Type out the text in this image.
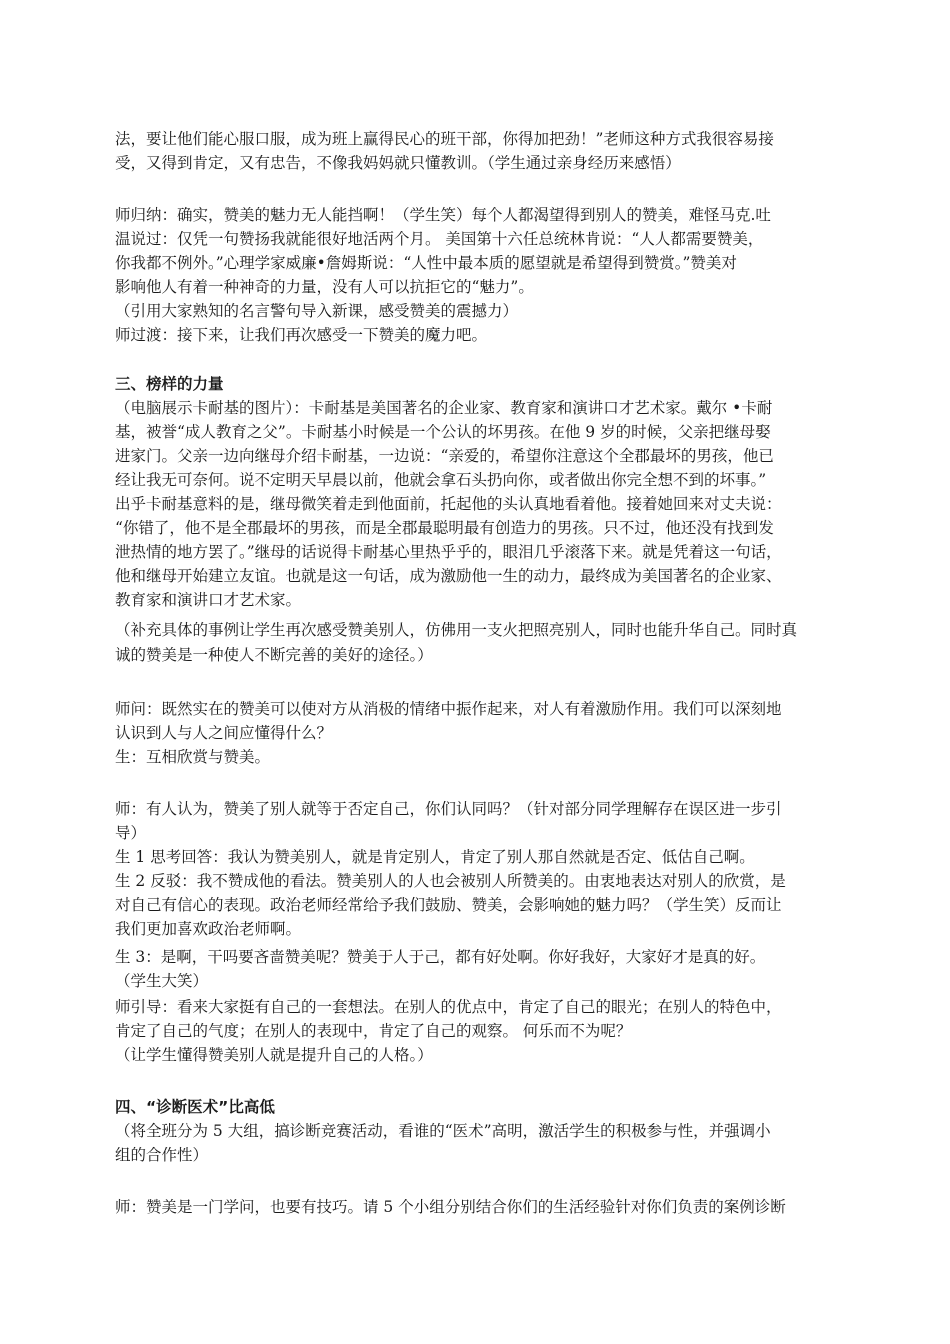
法，要让他们能心服口服，成为班上赢得民心的班干部，你得加把劲！”老师这种方式我很容易接
受，又得到肯定，又有忠告，不像我妈妈就只懂教训。（学生通过亲身经历来感悟）
师归纳：确实，赞美的魅力无人能挡啊！（学生笑）每个人都渴望得到别人的赞美，难怪马克.吐
温说过：仅凭一句赞扬我就能很好地活两个月。 美国第十六任总统林肯说：“人人都需要赞美，
你我都不例外。”心理学家威廉•詹姆斯说：“人性中最本质的愿望就是希望得到赞赏。”赞美对
影响他人有着一种神奇的力量，没有人可以抗拒它的“魅力”。
（引用大家熟知的名言警句导入新课，感受赞美的震撼力）
师过渡：接下来，让我们再次感受一下赞美的魔力吧。
三、榜样的力量
（电脑展示卡耐基的图片）：卡耐基是美国著名的企业家、教育家和演讲口才艺术家。戴尔 •卡耐
基，被誉“成人教育之父”。卡耐基小时候是一个公认的坏男孩。在他 9 岁的时候，父亲把继母娶
进家门。父亲一边向继母介绍卡耐基，一边说：“亲爱的，希望你注意这个全郡最坏的男孩，他已
经让我无可奈何。说不定明天早晨以前，他就会拿石头扔向你，或者做出你完全想不到的坏事。”
出乎卡耐基意料的是，继母微笑着走到他面前，托起他的头认真地看着他。接着她回来对丈夫说：
“你错了，他不是全郡最坏的男孩，而是全郡最聪明最有创造力的男孩。只不过，他还没有找到发
泄热情的地方罢了。”继母的话说得卡耐基心里热乎乎的，眼泪几乎滚落下来。就是凭着这一句话，
他和继母开始建立友谊。也就是这一句话，成为激励他一生的动力，最终成为美国著名的企业家、
教育家和演讲口才艺术家。
（补充具体的事例让学生再次感受赞美别人，仿佛用一支火把照亮别人，同时也能升华自己。同时真
诚的赞美是一种使人不断完善的美好的途径。）
师问：既然实在的赞美可以使对方从消极的情绪中振作起来，对人有着激励作用。我们可以深刻地
认识到人与人之间应懂得什么？
生：互相欣赏与赞美。
师：有人认为，赞美了别人就等于否定自己，你们认同吗？（针对部分同学理解存在误区进一步引
导）
生 1 思考回答：我认为赞美别人，就是肯定别人，肯定了别人那自然就是否定、低估自己啊。
生 2 反驳：我不赞成他的看法。赞美别人的人也会被别人所赞美的。由衷地表达对别人的欣赏，是
对自己有信心的表现。政治老师经常给予我们鼓励、赞美，会影响她的魅力吗？（学生笑）反而让
我们更加喜欢政治老师啊。
生 3：是啊，干吗要吝啬赞美呢？赞美于人于己，都有好处啊。你好我好，大家好才是真的好。
（学生大笑）
师引导：看来大家挺有自己的一套想法。在别人的优点中，肯定了自己的眼光；在别人的特色中，
肯定了自己的气度；在别人的表现中，肯定了自己的观察。 何乐而不为呢？
（让学生懂得赞美别人就是提升自己的人格。）
四、“诊断医术”比高低
（将全班分为 5 大组，搞诊断竞赛活动，看谁的“医术”高明，激活学生的积极参与性，并强调小
组的合作性）
师：赞美是一门学问，也要有技巧。请 5 个小组分别结合你们的生活经验针对你们负责的案例诊断
